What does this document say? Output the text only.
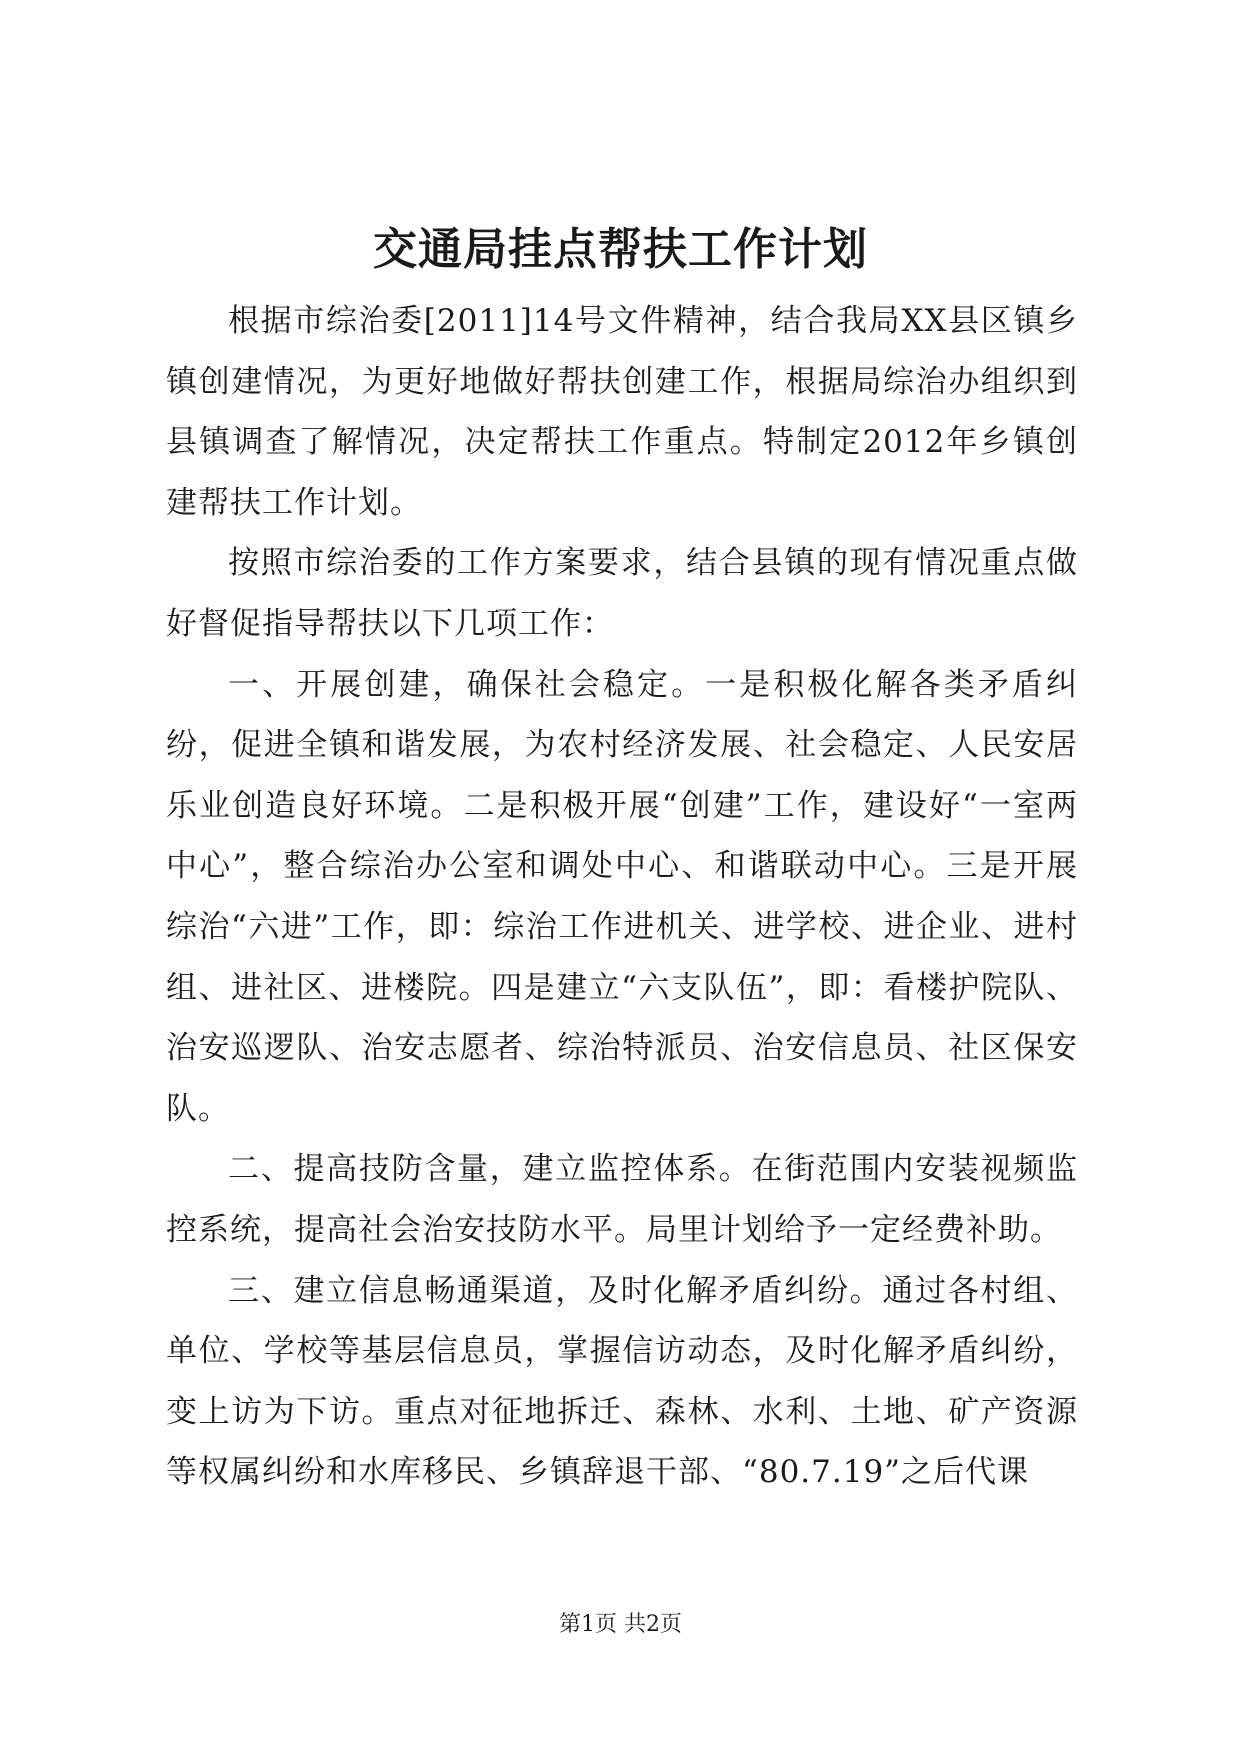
交通局挂点帮扶工作计划

根据市综治委[2011]14号文件精神，结合我局XX县区镇乡镇创建情况，为更好地做好帮扶创建工作，根据局综治办组织到县镇调查了解情况，决定帮扶工作重点。特制定2012年乡镇创建帮扶工作计划。

按照市综治委的工作方案要求，结合县镇的现有情况重点做好督促指导帮扶以下几项工作：

一、开展创建，确保社会稳定。一是积极化解各类矛盾纠纷，促进全镇和谐发展，为农村经济发展、社会稳定、人民安居乐业创造良好环境。二是积极开展“创建”工作，建设好“一室两中心”，整合综治办公室和调处中心、和谐联动中心。三是开展综治“六进”工作，即：综治工作进机关、进学校、进企业、进村组、进社区、进楼院。四是建立“六支队伍”，即：看楼护院队、治安巡逻队、治安志愿者、综治特派员、治安信息员、社区保安队。

二、提高技防含量，建立监控体系。在街范围内安装视频监控系统，提高社会治安技防水平。局里计划给予一定经费补助。

三、建立信息畅通渠道，及时化解矛盾纠纷。通过各村组、单位、学校等基层信息员，掌握信访动态，及时化解矛盾纠纷，变上访为下访。重点对征地拆迁、森林、水利、土地、矿产资源等权属纠纷和水库移民、乡镇辞退干部、“80.7.19”之后代课

第1页 共2页
